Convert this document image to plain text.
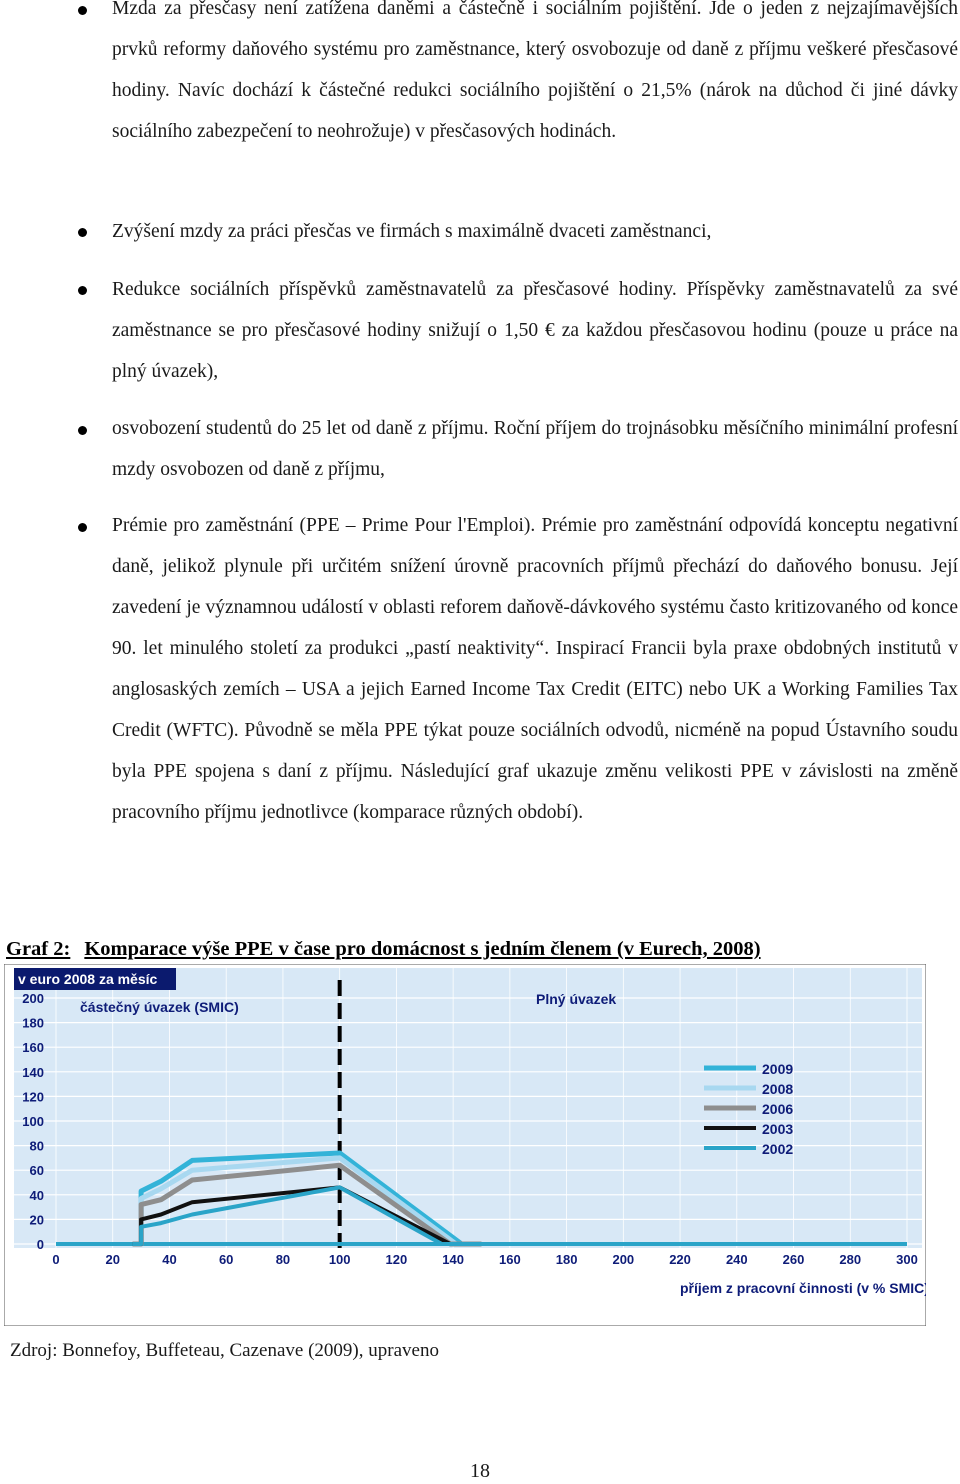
Mzda za přesčasy není zatížena daněmi a částečně i sociálním pojištění. Jde o jeden z nejzajímavějších prvků reformy daňového systému pro zaměstnance, který osvobozuje od daně z příjmu veškeré přesčasové hodiny. Navíc dochází k částečné redukci sociálního pojištění o 21,5% (nárok na důchod či jiné dávky sociálního zabezpečení to neohrožuje) v přesčasových hodinách.

Zvýšení mzdy za práci přesčas ve firmách s maximálně dvaceti zaměstnanci,

Redukce sociálních příspěvků zaměstnavatelů za přesčasové hodiny. Příspěvky zaměstnavatelů za své zaměstnance se pro přesčasové hodiny snižují o 1,50 € za každou přesčasovou hodinu (pouze u práce na plný úvazek),

osvobození studentů do 25 let od daně z příjmu. Roční příjem do trojnásobku měsíčního minimální profesní mzdy osvobozen od daně z příjmu,

Prémie pro zaměstnání (PPE – Prime Pour l'Emploi). Prémie pro zaměstnání odpovídá konceptu negativní daně, jelikož plynule při určitém snížení úrovně pracovních příjmů přechází do daňového bonusu. Její zavedení je významnou událostí v oblasti reforem daňově-dávkového systému často kritizovaného od konce 90. let minulého století za produkci „pastí neaktivity“. Inspirací Francii byla praxe obdobných institutů v anglosaských zemích – USA a jejich Earned Income Tax Credit (EITC) nebo UK a Working Families Tax Credit (WFTC). Původně se měla PPE týkat pouze sociálních odvodů, nicméně na popud Ústavního soudu byla PPE spojena s daní z příjmu. Následující graf ukazuje změnu velikosti PPE v závislosti na změně pracovního příjmu jednotlivce (komparace různých období).

Graf 2: Komparace výše PPE v čase pro domácnost s jedním členem (v Eurech, 2008)
v euro 2008 za měsíc
částečný úvazek (SMIC)	Plný úvazek
0
20
40
60
80
100
120
140
160
180
200
0	20	40	60	80	100	120	140	160	180	200	220	240	260	280	300
2009
2008
2006
2003
2002
příjem z pracovní činnosti (v % SMIC)
Zdroj: Bonnefoy, Buffeteau, Cazenave (2009), upraveno
18
